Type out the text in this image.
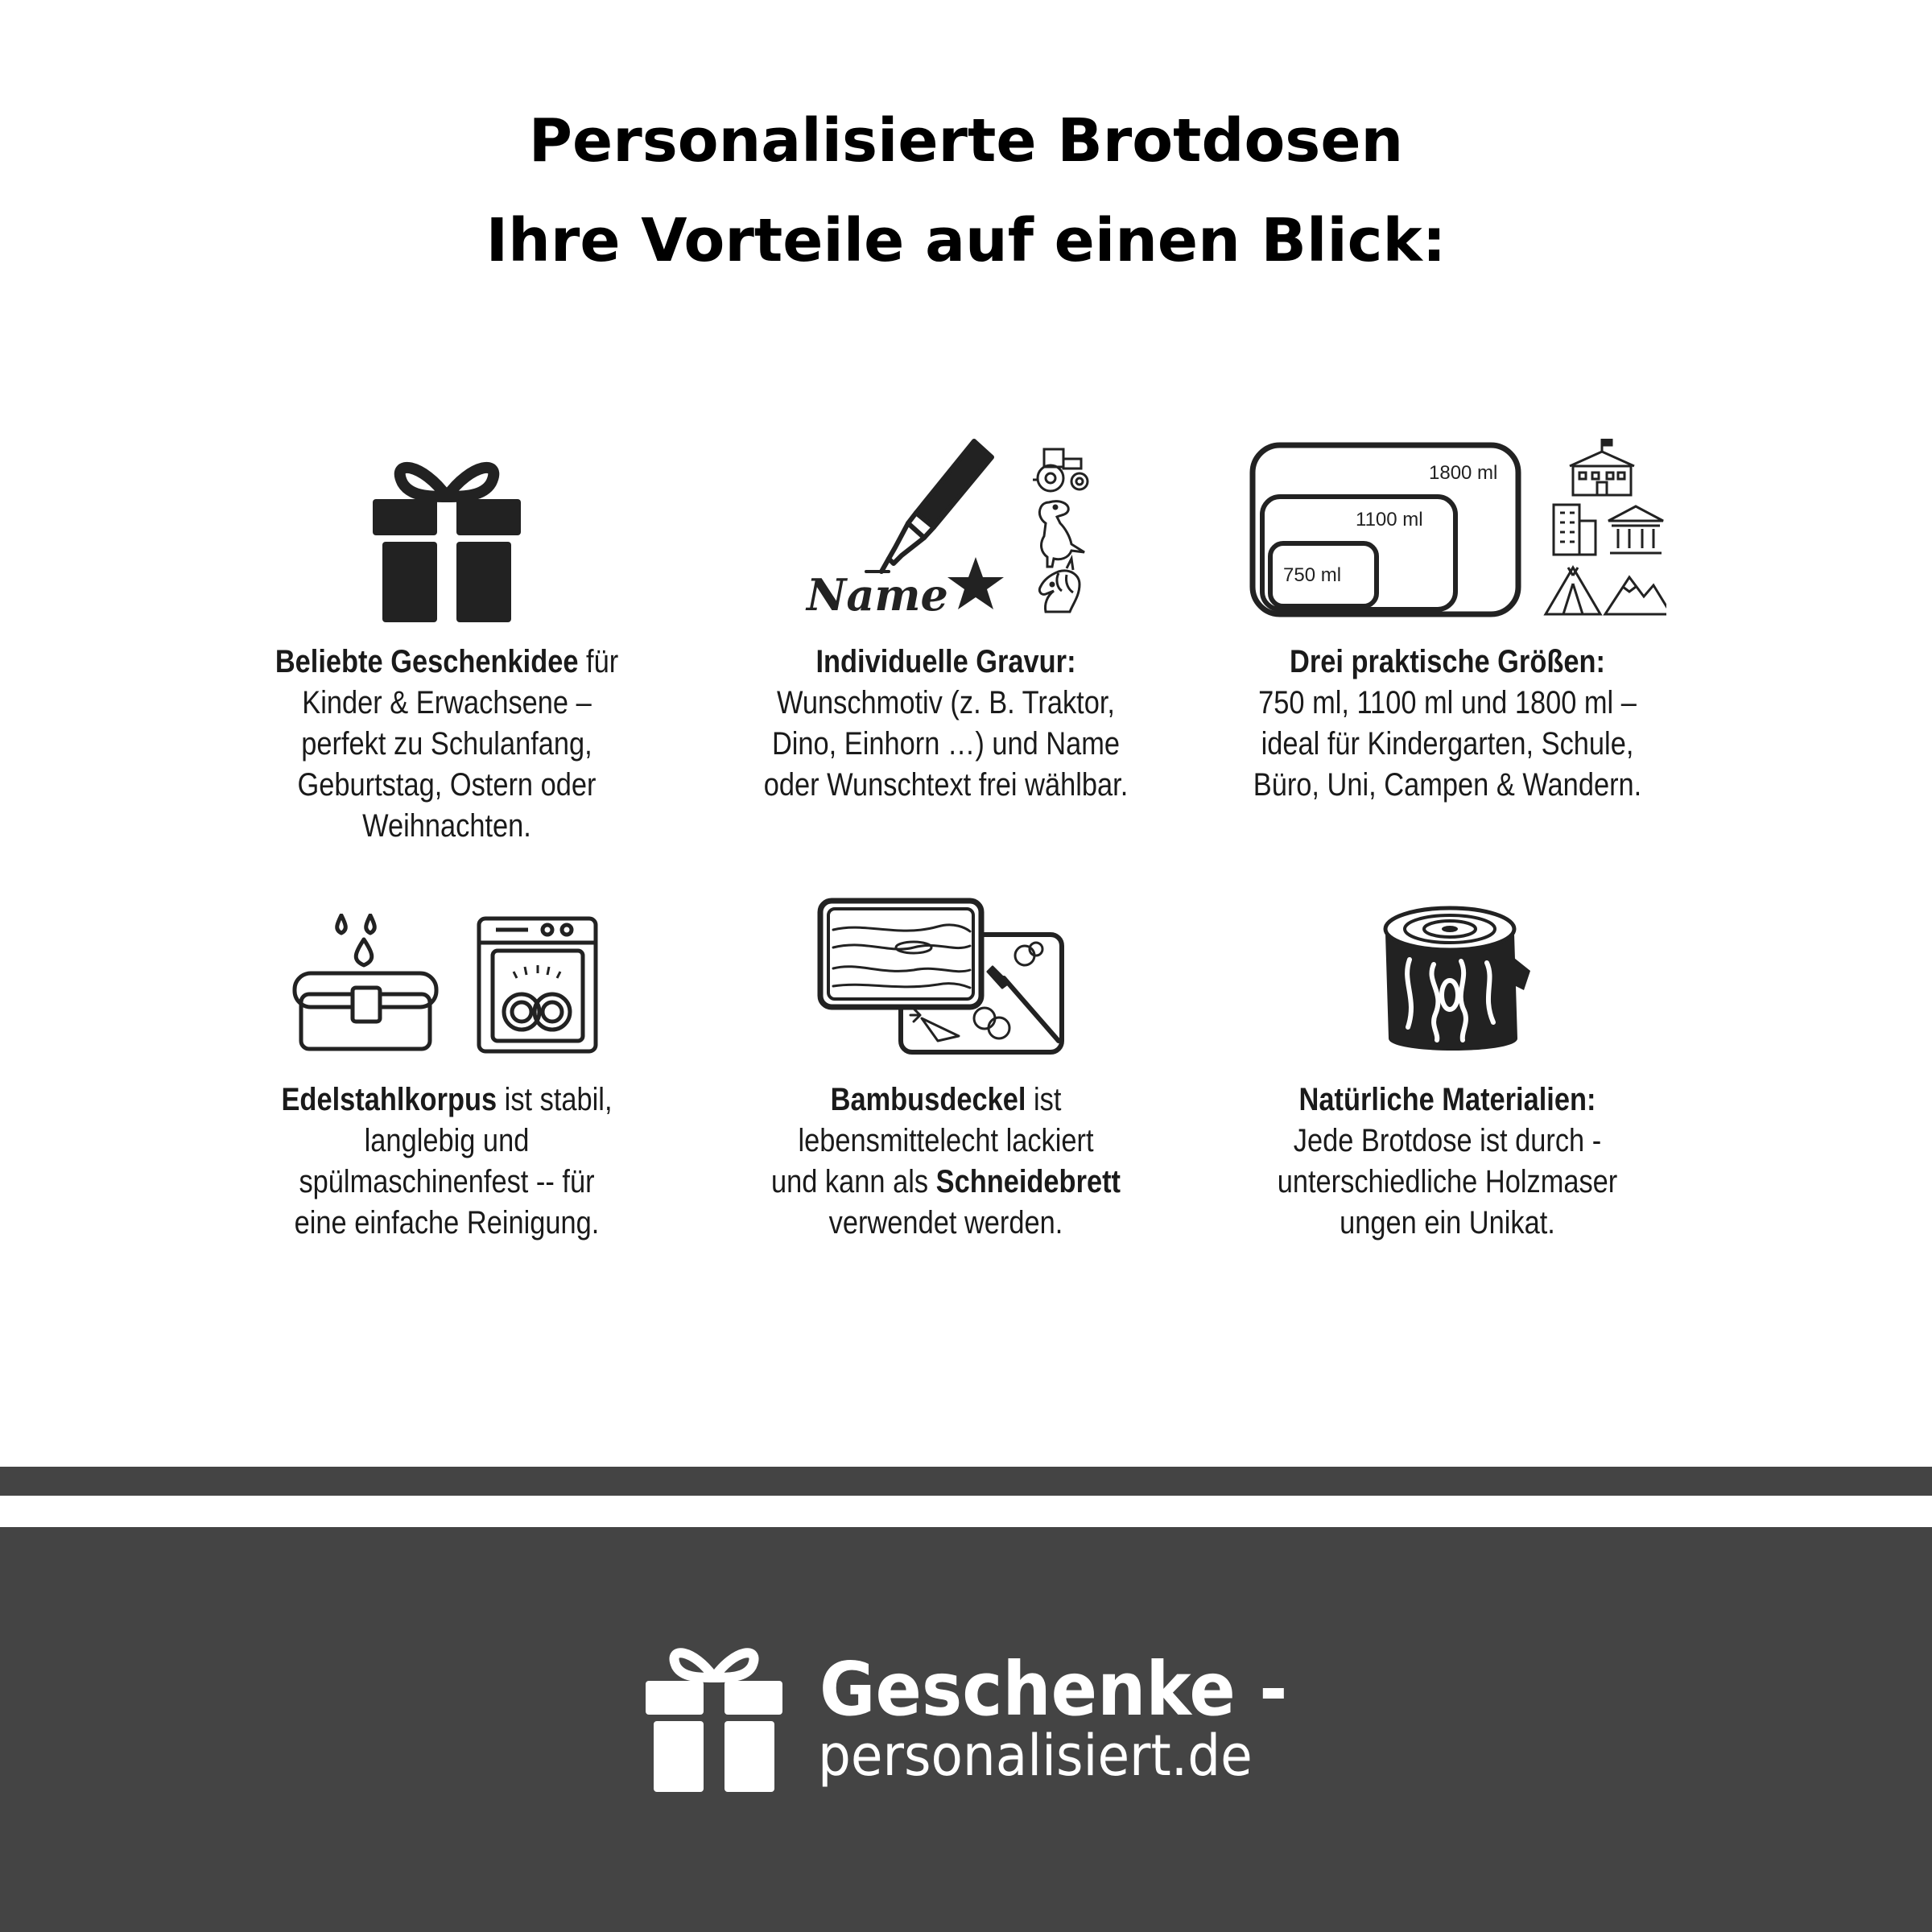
Personalisierte Brotdosen
Ihre Vorteile auf einen Blick:
Name
1800 ml
1100 ml
750 ml
Beliebte Geschenkidee für
Kinder & Erwachsene –
perfekt zu Schulanfang,
Geburtstag, Ostern oder
Weihnachten.
Individuelle Gravur:
Wunschmotiv (z. B. Traktor,
Dino, Einhorn …) und Name
oder Wunschtext frei wählbar.
Drei praktische Größen:
750 ml, 1100 ml und 1800 ml –
ideal für Kindergarten, Schule,
Büro, Uni, Campen & Wandern.
Edelstahlkorpus ist stabil,
langlebig und
spülmaschinenfest -- für
eine einfache Reinigung.
Bambusdeckel ist
lebensmittelecht lackiert
und kann als Schneidebrett
verwendet werden.
Natürliche Materialien:
Jede Brotdose ist durch -
unterschiedliche Holzmaser
ungen ein Unikat.
Geschenke -
personalisiert.de
